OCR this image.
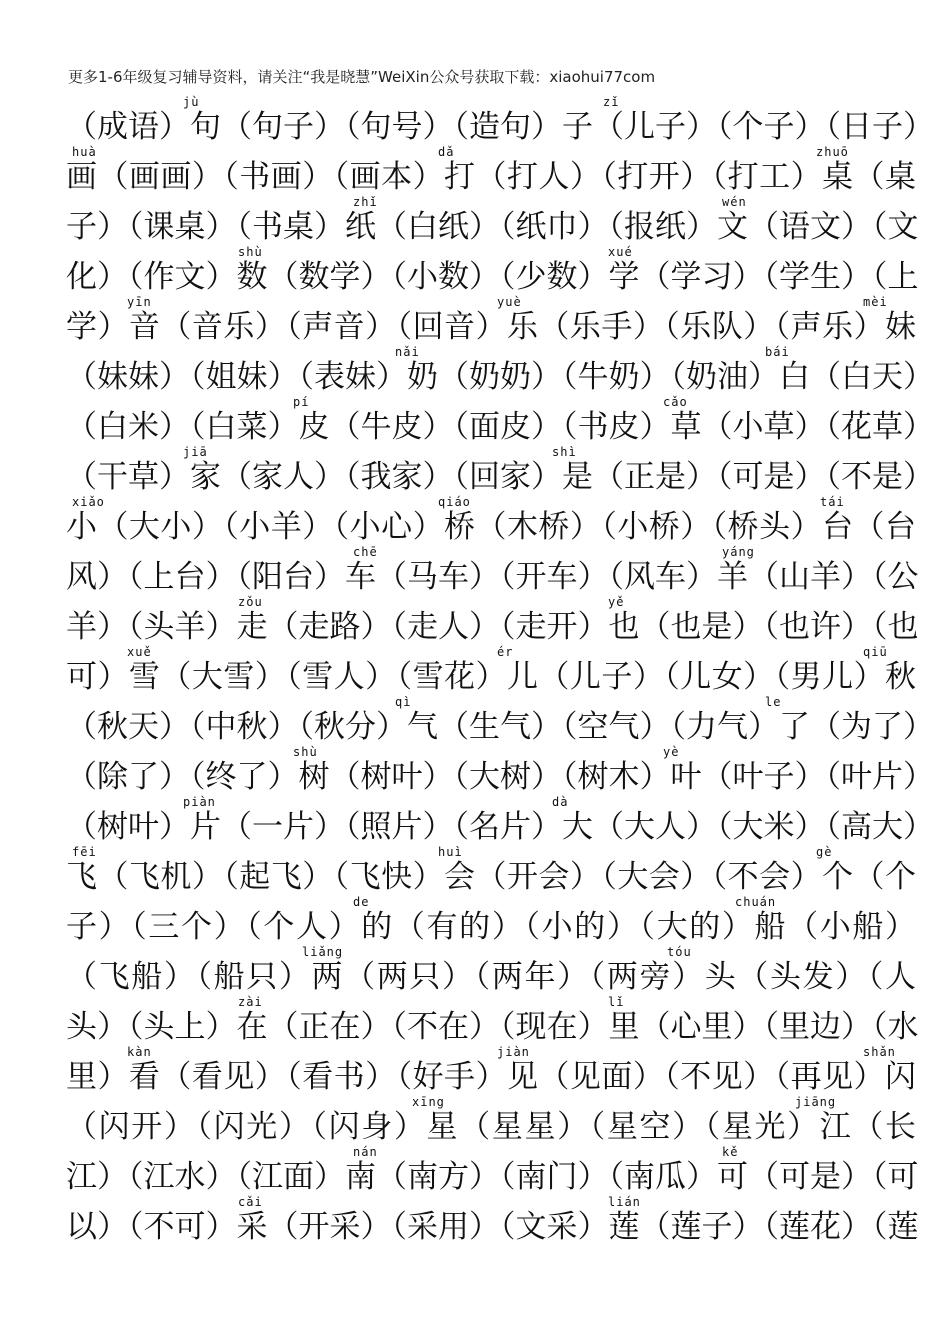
更多1-6年级复习辅导资料，请关注“我是晓慧”WeiXin公众号获取下载：xiaohui77com
（成语）句（句子）（句号）（造句）子（儿子）（个子）（日子）
jù	zǐ
画（画画）（书画）（画本）打（打人）（打开）（打工）桌（桌
huà	dǎ	zhuō
子）（课桌）（书桌）纸（白纸）（纸巾）（报纸）文（语文）（文
zhǐ	wén
化）（作文）数（数学）（小数）（少数）学（学习）（学生）（上
shù	xué
学）音（音乐）（声音）（回音）乐（乐手）（乐队）（声乐）妹
yīn	yuè	mèi
（妹妹）（姐妹）（表妹）奶（奶奶）（牛奶）（奶油）白（白天）
nǎi	bái
（白米）（白菜）皮（牛皮）（面皮）（书皮）草（小草）（花草）
pí	cǎo
（干草）家（家人）（我家）（回家）是（正是）（可是）（不是）
jiā	shì
小（大小）（小羊）（小心）桥（木桥）（小桥）（桥头）台（台
xiǎo	qiáo	tái
风）（上台）（阳台）车（马车）（开车）（风车）羊（山羊）（公
chē	yáng
羊）（头羊）走（走路）（走人）（走开）也（也是）（也许）（也
zǒu	yě
可）雪（大雪）（雪人）（雪花）儿（儿子）（儿女）（男儿）秋
xuě	ér	qiū
（秋天）（中秋）（秋分）气（生气）（空气）（力气）了（为了）
qì	le
（除了）（终了）树（树叶）（大树）（树木）叶（叶子）（叶片）
shù	yè
（树叶）片（一片）（照片）（名片）大（大人）（大米）（高大）
piàn	dà
飞（飞机）（起飞）（飞快）会（开会）（大会）（不会）个（个
fēi	huì	gè
子）（三个）（个人）的（有的）（小的）（大的）船（小船）
de	chuán
（飞船）（船只）两（两只）（两年）（两旁）头（头发）（人
liǎng	tóu
头）（头上）在（正在）（不在）（现在）里（心里）（里边）（水
zài	lǐ
里）看（看见）（看书）（好手）见（见面）（不见）（再见）闪
kàn	jiàn	shǎn
（闪开）（闪光）（闪身）星（星星）（星空）（星光）江（长
xīng	jiāng
江）（江水）（江面）南（南方）（南门）（南瓜）可（可是）（可
nán	kě
以）（不可）采（开采）（采用）（文采）莲（莲子）（莲花）（莲
cǎi	lián
